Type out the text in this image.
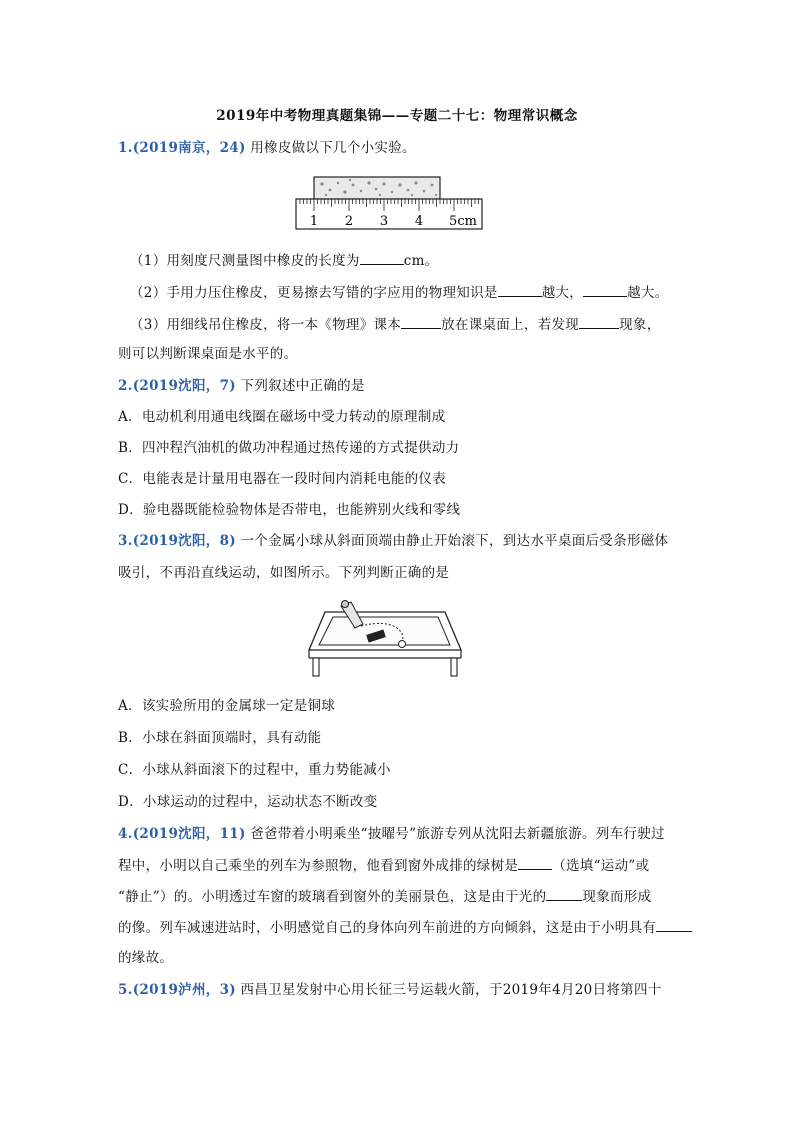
2019年中考物理真题集锦——专题二十七：物理常识概念
1.(2019南京，24) 用橡皮做以下几个小实验。
1 2 3 4 5cm
（1）用刻度尺测量图中橡皮的长度为	cm。
（2）手用力压住橡皮，更易擦去写错的字应用的物理知识是	越大，	越大。
（3）用细线吊住橡皮，将一本《物理》课本	放在课桌面上，若发现	现象，
则可以判断课桌面是水平的。
2.(2019沈阳，7) 下列叙述中正确的是
A．电动机利用通电线圈在磁场中受力转动的原理制成
B．四冲程汽油机的做功冲程通过热传递的方式提供动力
C．电能表是计量用电器在一段时间内消耗电能的仪表
D．验电器既能检验物体是否带电，也能辨别火线和零线
3.(2019沈阳，8) 一个金属小球从斜面顶端由静止开始滚下，到达水平桌面后受条形磁体
吸引，不再沿直线运动，如图所示。下列判断正确的是
A．该实验所用的金属球一定是铜球
B．小球在斜面顶端时，具有动能
C．小球从斜面滚下的过程中，重力势能减小
D．小球运动的过程中，运动状态不断改变
4.(2019沈阳，11) 爸爸带着小明乘坐“披曜号”旅游专列从沈阳去新疆旅游。列车行驶过
程中，小明以自己乘坐的列车为参照物，他看到窗外成排的绿树是	（选填“运动”或
“静止”）的。小明透过车窗的玻璃看到窗外的美丽景色，这是由于光的	现象而形成
的像。列车减速进站时，小明感觉自己的身体向列车前进的方向倾斜，这是由于小明具有
的缘故。
5.(2019泸州，3) 西昌卫星发射中心用长征三号运载火箭，于2019年4月20日将第四十
